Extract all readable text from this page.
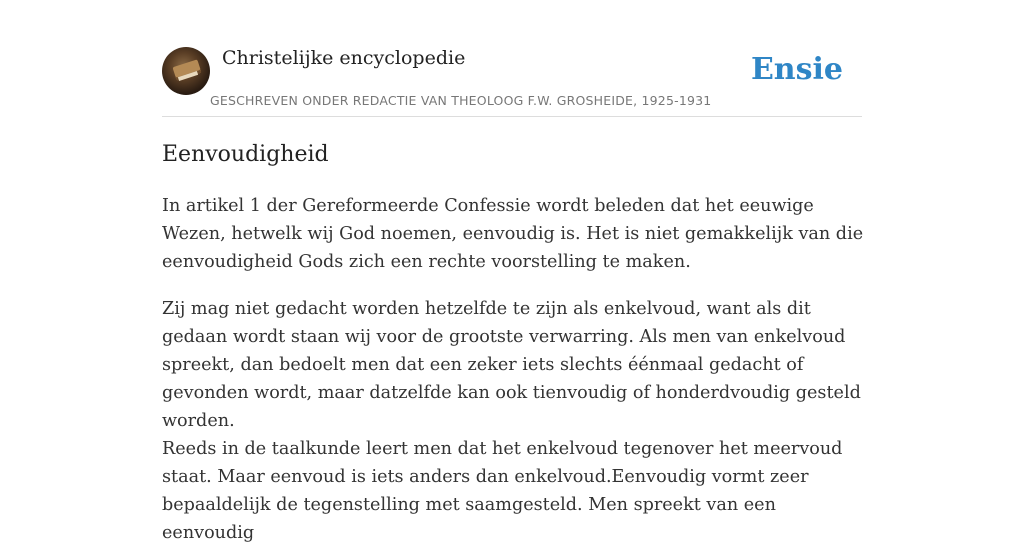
Christelijke encyclopedie
GESCHREVEN ONDER REDACTIE VAN THEOLOOG F.W. GROSHEIDE, 1925-1931
Ensie
Eenvoudigheid

In artikel 1 der Gereformeerde Confessie wordt beleden dat het eeuwige Wezen, hetwelk wij God noemen, eenvoudig is. Het is niet gemakkelijk van die eenvoudigheid Gods zich een rechte voorstelling te maken.

Zij mag niet gedacht worden hetzelfde te zijn als enkelvoud, want als dit gedaan wordt staan wij voor de grootste verwarring. Als men van enkelvoud spreekt, dan bedoelt men dat een zeker iets slechts éénmaal gedacht of gevonden wordt, maar datzelfde kan ook tienvoudig of honderdvoudig gesteld worden.

Reeds in de taalkunde leert men dat het enkelvoud tegenover het meervoud staat. Maar eenvoud is iets anders dan enkelvoud.Eenvoudig vormt zeer bepaaldelijk de tegenstelling met saamgesteld. Men spreekt van een eenvoudig
